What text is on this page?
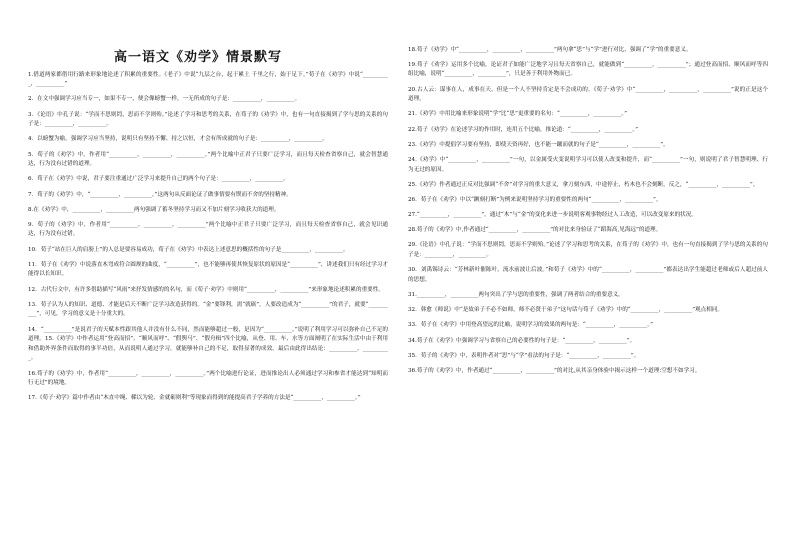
高一语文《劝学》情景默写

1.借道两家都借用行路来形象地论述了积累的重要性。《老子》中说“九层之台，起于累土 千里之行，始于足下。”荀子在《劝学》中说“__________，__________”

2．在文中强调学习应当专一，如果不专一，便会像螃蟹一样，一无所成的句子是：__________，__________。

3．《论语》中孔子说：“学而不思则罔，思而不学则殆。”论述了学习和思考的关系，在荀子的《劝学》中，也有一句直接揭到了学与思的关系的句子是：__________，__________。

4．以螃蟹为喻，强调学习应当坚持，说明只有坚持不懈、持之以恒，才会有所成就的句子是：__________，__________。

5．荀子的《劝学》中，作者用“__________，__________，__________。”两个比喻中正君子只要广泛学习，而且每天检查省察自己，就会智慧通达，行为没有过错的道理。

6．荀子在《劝学》中说，君子要注重通过广泛学习来提升自己的两个句子是：__________，__________。

7．荀子的《劝学》中，“__________，__________。”这两句从反面论证了做事情要有锲而不舍的坚持精神。

8.在《劝学》中，__________，__________两句强调了蓄冬坚持学习而又不加片刻学习收获大的道理。

9．荀子的《劝学》中，作者用“__________，__________，__________”两个比喻中正君子只要广泛学习，而且每天检查省察自己，就会见识通达，行为没有过错。

10．荀子“站在巨人的肩膀上”的人总是要容易成功，荀子在《劝学》中表达上述意思的概括性的句子是__________，__________。

11．荀子在《劝学》中说落直木弯成符合圆规的曲度，“__________”，也不能够再使其恢复原状的原因是“__________”，讲述我们只有经过学习才能得以长知识。

12．古代行文中，有许多借助描写“风雨”来抒发情感的的名句，而《荀子·劝学》中则用“__________，__________”来形象地论述积累的重要性。

13．荀子认为人的知识、道德、才能是后天不断广泛学习改造获得的。“金”要锋利，需“就砺”，人要改造成为“__________”的君子，就要“__________”，可见，学习的意义是十分重大的。

14．“__________”是说君子的天赋本性跟其他人并没有什么不同，然而能够超过一般，是因为“__________。”说明了利用学习可以弥补自己不足的道理。15.《劝学》中作者运用“登高而招”、“顺风而呼”、“假舆马”、“假舟楫”四个比喻，从登、用、车、水等方面阐明了在实际生活中由于利用和借助外界条件而取得的事半功倍，从而说明人通过学习，就能够补自己的不足，取得显著的成效。最后由此得出结论：__________，__________。

16.荀子的《劝学》中，作者用“__________，__________，__________。”两个比喻进行论证，进而推论出人必须通过学习和参省才能达到“知明而行无过”的境地。

17.《荀子·劝学》篇中作者由“木直中绳、輮以为轮、金就砺则利”等现象而得到的能提高君子学养的方法是“__________，__________。”

18.荀子《劝学》中“__________，__________，__________”两句拿“思”与“学”进行对比，强调了“学”的重要意义。

19.荀子《劝学》运用多个比喻，论证君子如能广泛地学习且每天省察自己，就能做到“__________，__________”；通过登高而招、顺风而呼等四组比喻，说明“__________，__________”，只是善于利用外物而已。

20.古人云：谋事在人，成事在天。但是一个人不坚持肯定是不会成功的。《荀子·劝学》中“__________，__________，__________”说的正是这个道理。

21.《劝学》中用比喻来形象说明“学”比“思”更重要的名句：“__________，__________。”

22.荀子《劝学》在论述学习的作用时，连用五个比喻，推论道：“__________，__________。”

23.《劝学》中提倡学习要有坚持，即使天资再好，也不能一蹴而就的句子是“__________，__________”。

24.《劝学》中“__________，__________”一句，以金属受火变说明学习可以使人改变和提升，而“__________”一句，则说明了君子智慧明理、行为无过的原因。

25.《劝学》作者通过正反对比强调“不舍”对学习的重大意义，拿刀刻东西，中途停止，朽木也不会刻断，反之，“__________，__________”。

26．荀子在《劝学》中以“蹶刻打断”为例来说明坚持学习的重要性的两句“__________，__________”。

27.“__________，__________”，通过“木”与“金”的变化来进一步说明客观事物经过人工改造，可以改变原来的状况。

28.荀子的《劝学》中,作者通过“__________，__________”的对比来身验证了“蹈海高,见海远”的道理。

29.《论语》中孔子说：“学而不思则罔，思而不学则殆。”论述了学习和思考的关系，在荀子的《劝学》中，也有一句直接揭到了学与思的关系的句子是：__________，__________。

30．刘禹锡诗云：“芳林新叶催陈叶，流水前波让后波。”和荀子《劝学》中的“__________，__________”都表达出学生能超过老师或后人超过前人的思想。

31.__________，__________两句突出了学与思的重要性，强调了两者结合的重要意义。

32．韩愈《师说》中“是故弟子不必不如师，师不必贤于弟子”这句话与荀子《劝学》中的“__________，__________”观点相同。

33．荀子在《劝学》中用登高望远的比喻，说明学习的效果的两句是：“__________，__________。”

34.荀子在《劝学》中强调学习与省察自己的必要性的句子是：“__________，__________”。

35．荀子的《劝学》中，表明作者对“思”与“学”看法的句子是：“__________，__________”。

36.荀子的《劝学》中，作者通过“__________，__________”的对比,从其亲身体验中揭示这样一个道理:空想不如学习。
